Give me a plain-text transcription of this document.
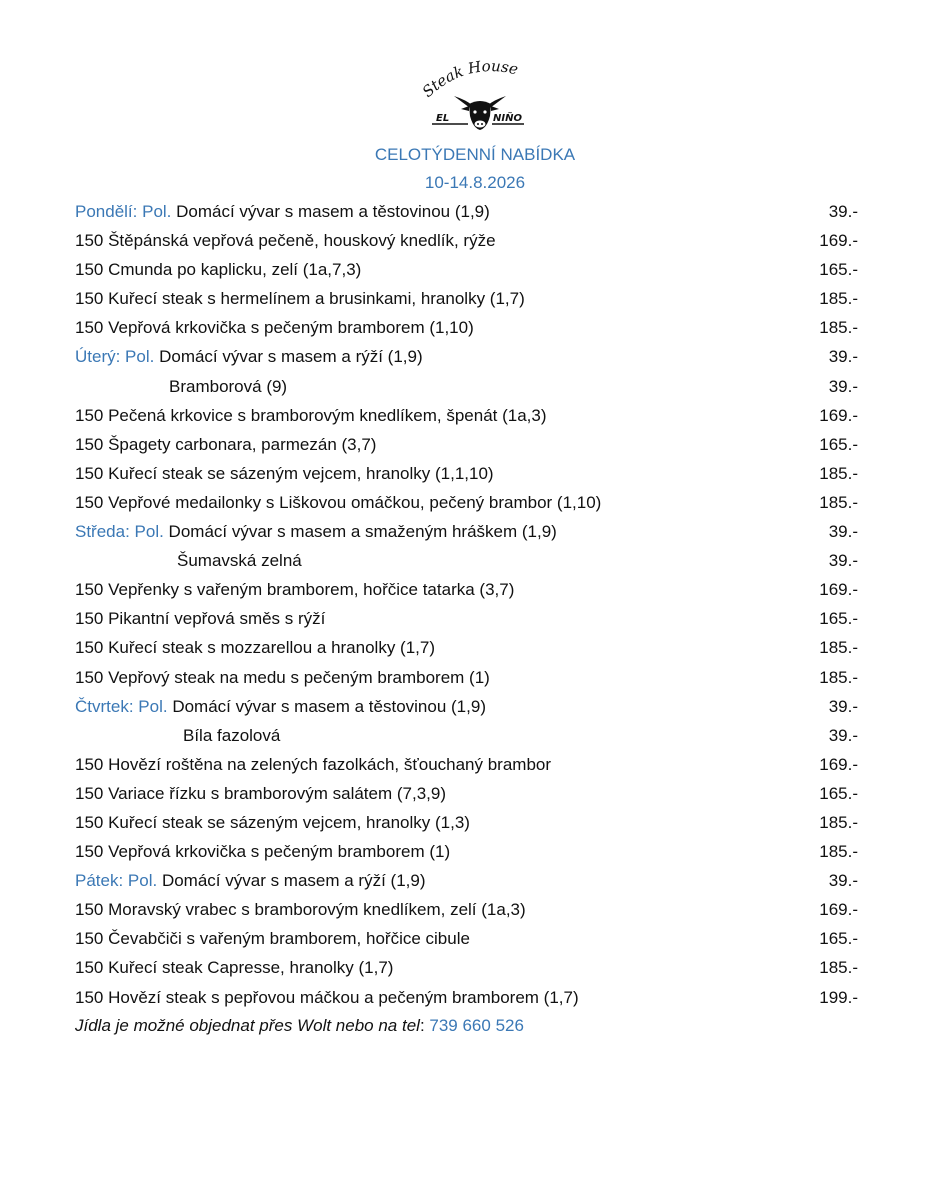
Steak House
EL	NIÑO
CELOTÝDENNÍ NABÍDKA
10-14.8.2026
Pondělí: Pol. Domácí vývar s masem a těstovinou (1,9)	39.-
150 Štěpánská vepřová pečeně, houskový knedlík, rýže	169.-
150 Cmunda po kaplicku, zelí (1a,7,3)	165.-
150 Kuřecí steak s hermelínem a brusinkami, hranolky (1,7)	185.-
150 Vepřová krkovička s pečeným bramborem (1,10)	185.-
Úterý: Pol. Domácí vývar s masem a rýží (1,9)	39.-
Bramborová (9)	39.-
150 Pečená krkovice s bramborovým knedlíkem, špenát (1a,3)	169.-
150 Špagety carbonara, parmezán (3,7)	165.-
150 Kuřecí steak se sázeným vejcem, hranolky (1,1,10)	185.-
150 Vepřové medailonky s Liškovou omáčkou, pečený brambor (1,10)	185.-
Středa: Pol. Domácí vývar s masem a smaženým hráškem (1,9)	39.-
Šumavská zelná	39.-
150 Vepřenky s vařeným bramborem, hořčice tatarka (3,7)	169.-
150 Pikantní vepřová směs s rýží	165.-
150 Kuřecí steak s mozzarellou a hranolky (1,7)	185.-
150 Vepřový steak na medu s pečeným bramborem (1)	185.-
Čtvrtek: Pol. Domácí vývar s masem a těstovinou (1,9)	39.-
Bíla fazolová	39.-
150 Hovězí roštěna na zelených fazolkách, šťouchaný brambor	169.-
150 Variace řízku s bramborovým salátem (7,3,9)	165.-
150 Kuřecí steak se sázeným vejcem, hranolky (1,3)	185.-
150 Vepřová krkovička s pečeným bramborem (1)	185.-
Pátek: Pol. Domácí vývar s masem a rýží (1,9)	39.-
150 Moravský vrabec s bramborovým knedlíkem, zelí (1a,3)	169.-
150 Čevabčiči s vařeným bramborem, hořčice cibule	165.-
150 Kuřecí steak Capresse, hranolky (1,7)	185.-
150 Hovězí steak s pepřovou máčkou a pečeným bramborem (1,7)	199.-
Jídla je možné objednat přes Wolt nebo na tel: 739 660 526
